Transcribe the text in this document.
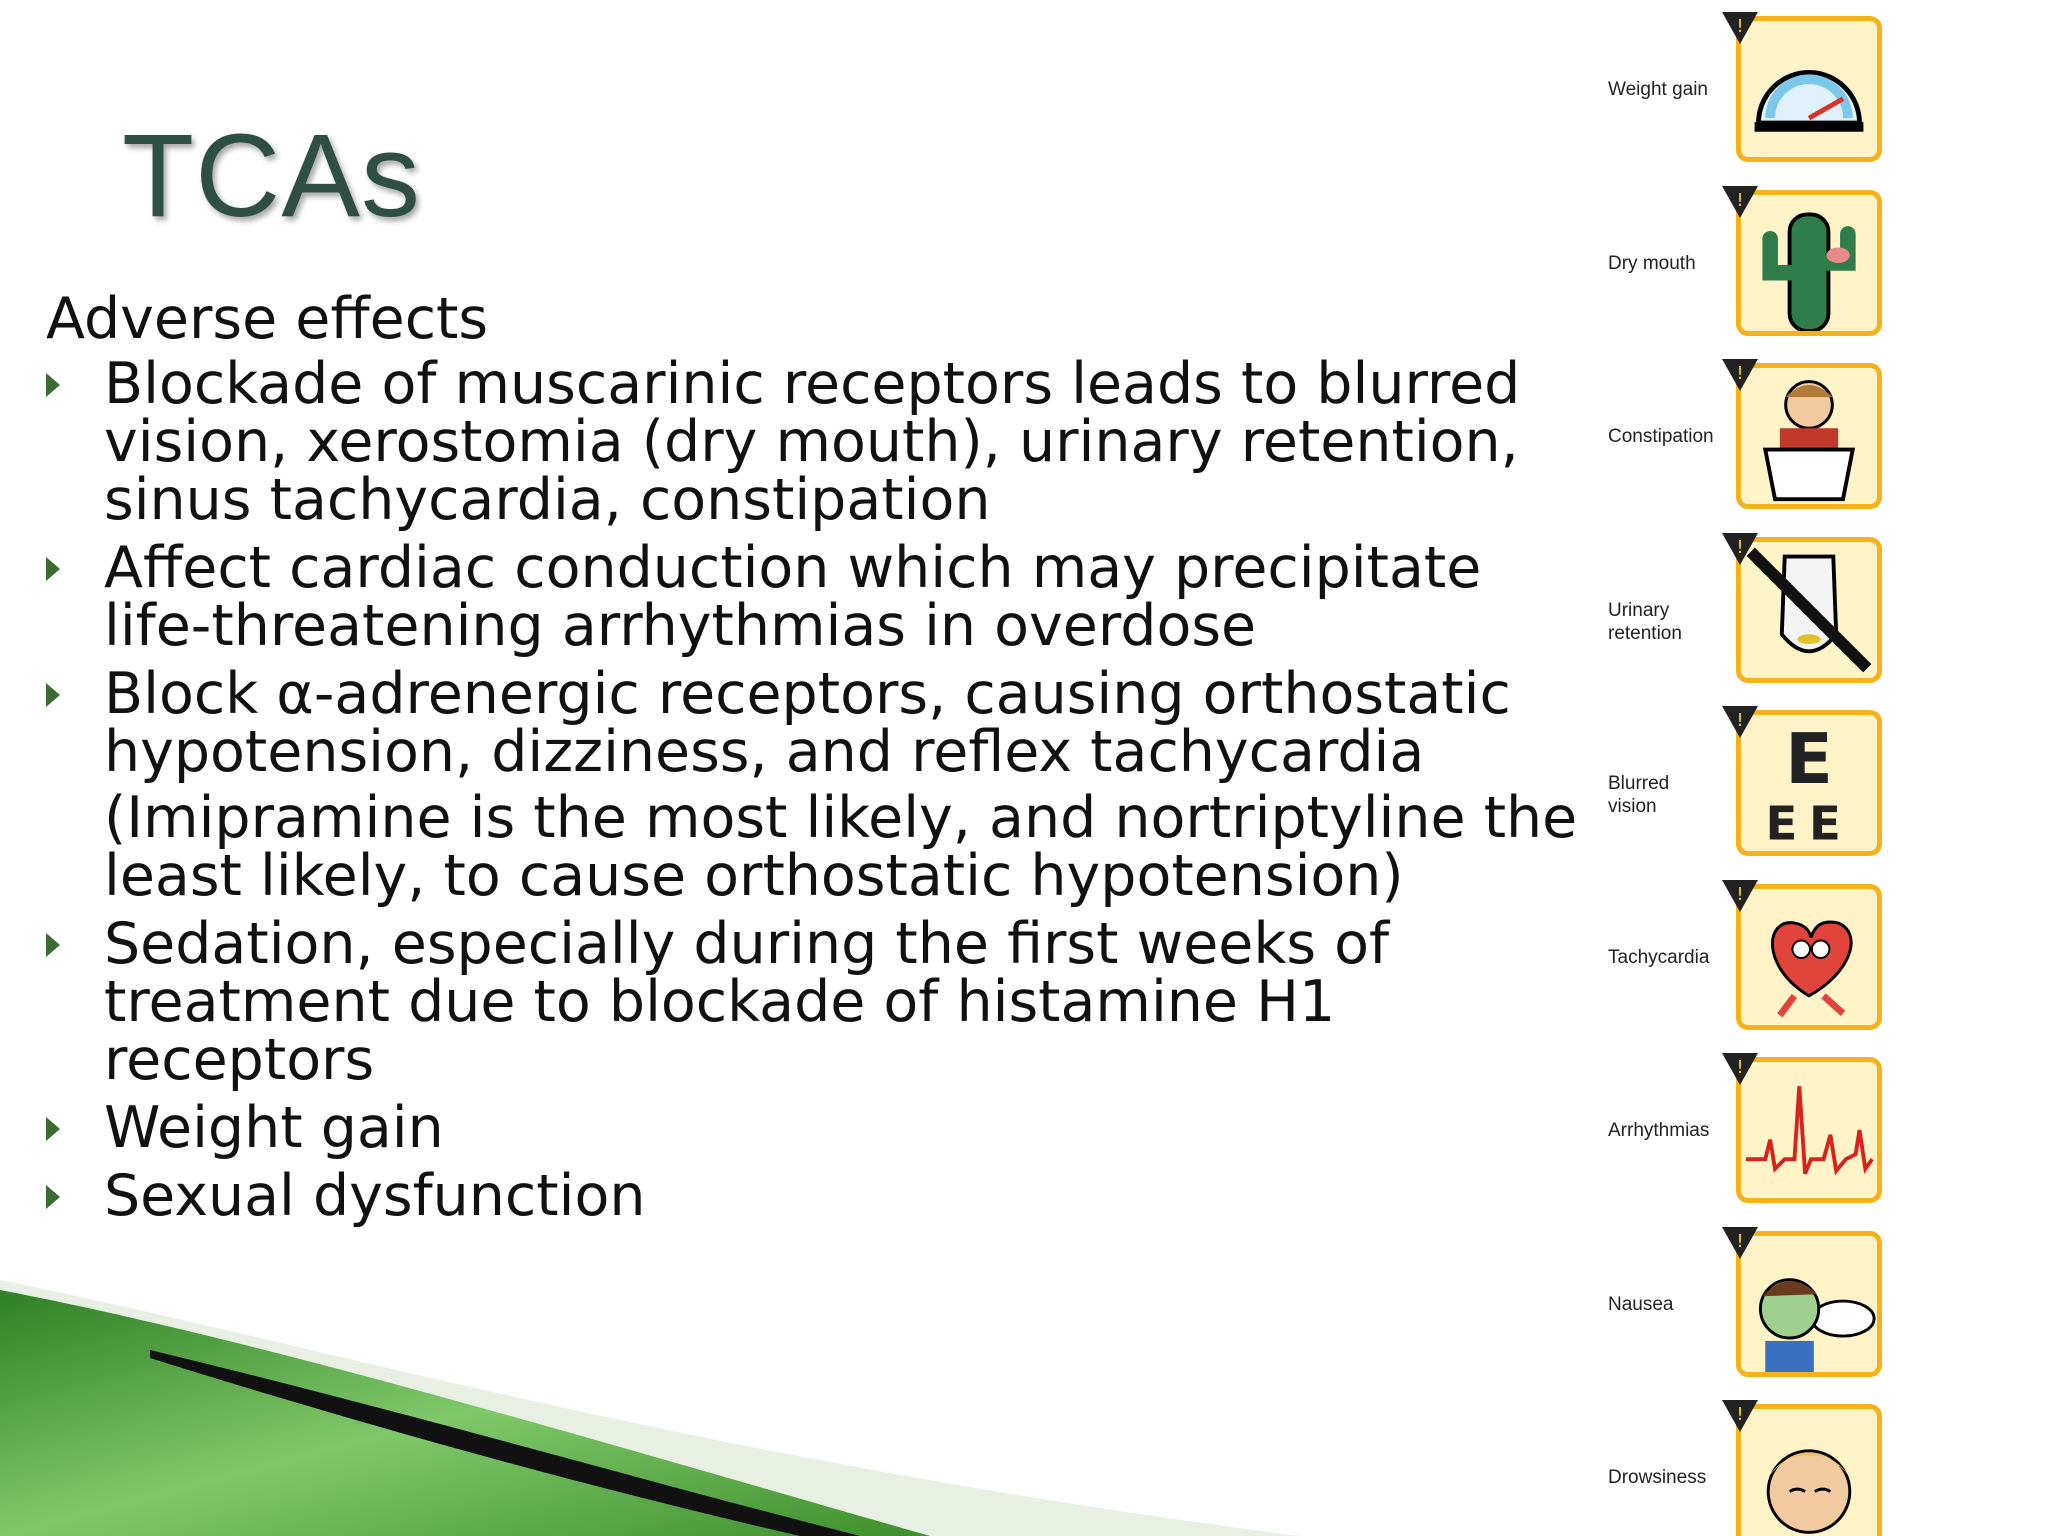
TCAs
Adverse effects
Blockade of muscarinic receptors leads to blurred vision, xerostomia (dry mouth), urinary retention, sinus tachycardia, constipation
Affect cardiac conduction which may precipitate life-threatening arrhythmias in overdose
Block α-adrenergic receptors, causing orthostatic hypotension, dizziness, and reflex tachycardia
(Imipramine is the most likely, and nortriptyline the least likely, to cause orthostatic hypotension)
Sedation, especially during the first weeks of treatment due to blockade of histamine H1 receptors
Weight gain
Sexual dysfunction
Weight gain
!
Dry mouth
!
Constipation
!
Urinary retention
!
Blurred vision
E
EE
!
Tachycardia
!
Arrhythmias
!
Nausea
!
Drowsiness
!
